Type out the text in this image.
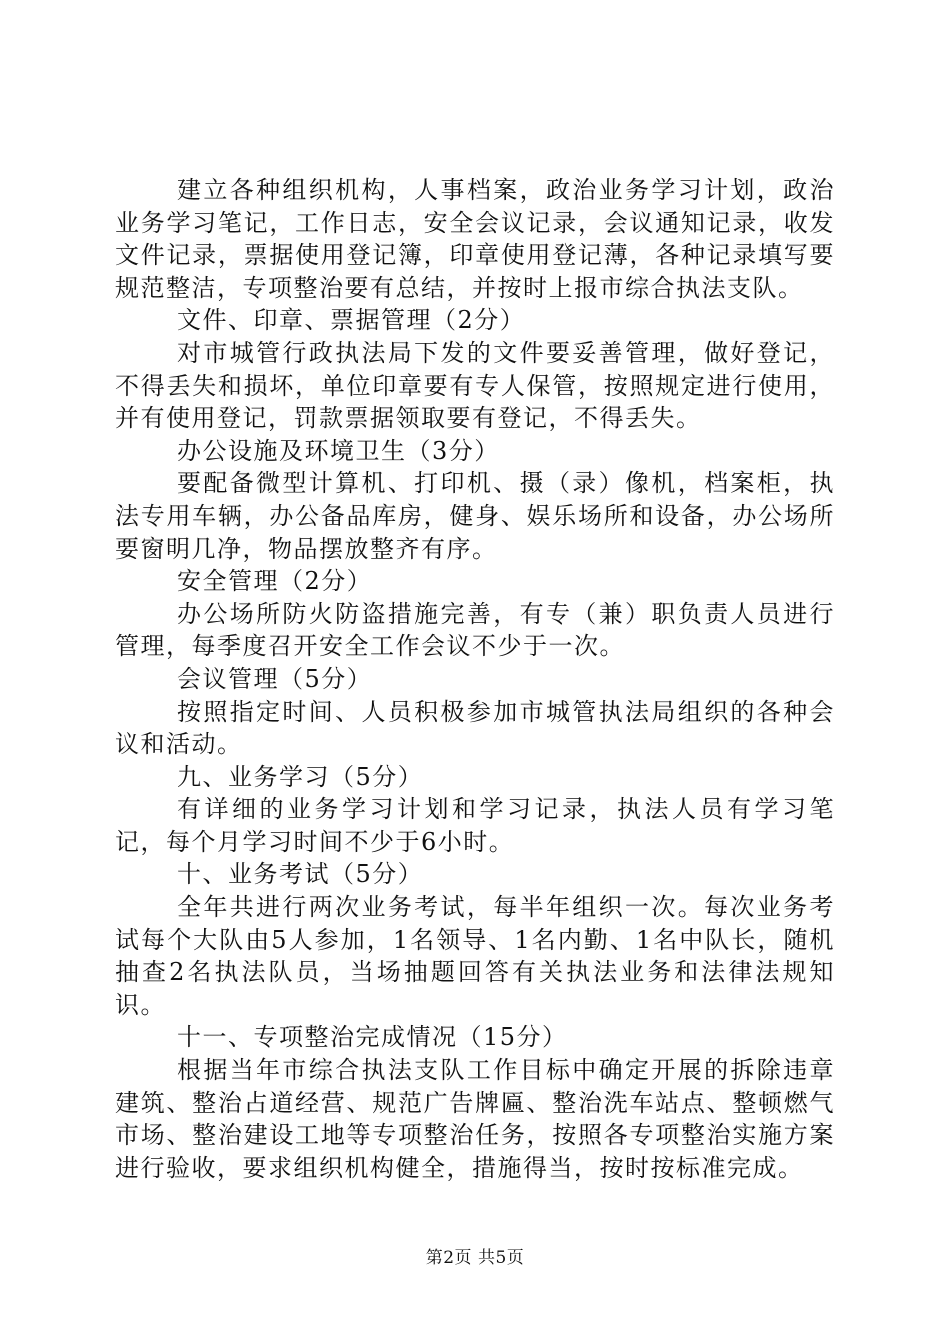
建立各种组织机构，人事档案，政治业务学习计划，政治业务学习笔记，工作日志，安全会议记录，会议通知记录，收发文件记录，票据使用登记簿，印章使用登记薄，各种记录填写要规范整洁，专项整治要有总结，并按时上报市综合执法支队。

文件、印章、票据管理（2分）

对市城管行政执法局下发的文件要妥善管理，做好登记，不得丢失和损坏，单位印章要有专人保管，按照规定进行使用，并有使用登记，罚款票据领取要有登记，不得丢失。

办公设施及环境卫生（3分）

要配备微型计算机、打印机、摄（录）像机，档案柜，执法专用车辆，办公备品库房，健身、娱乐场所和设备，办公场所要窗明几净，物品摆放整齐有序。

安全管理（2分）

办公场所防火防盗措施完善，有专（兼）职负责人员进行管理，每季度召开安全工作会议不少于一次。

会议管理（5分）

按照指定时间、人员积极参加市城管执法局组织的各种会议和活动。

九、业务学习（5分）

有详细的业务学习计划和学习记录，执法人员有学习笔记，每个月学习时间不少于6小时。

十、业务考试（5分）

全年共进行两次业务考试，每半年组织一次。每次业务考试每个大队由5人参加，1名领导、1名内勤、1名中队长，随机抽查2名执法队员，当场抽题回答有关执法业务和法律法规知识。

十一、专项整治完成情况（15分）

根据当年市综合执法支队工作目标中确定开展的拆除违章建筑、整治占道经营、规范广告牌匾、整治洗车站点、整顿燃气市场、整治建设工地等专项整治任务，按照各专项整治实施方案进行验收，要求组织机构健全，措施得当，按时按标准完成。

第2页 共5页
